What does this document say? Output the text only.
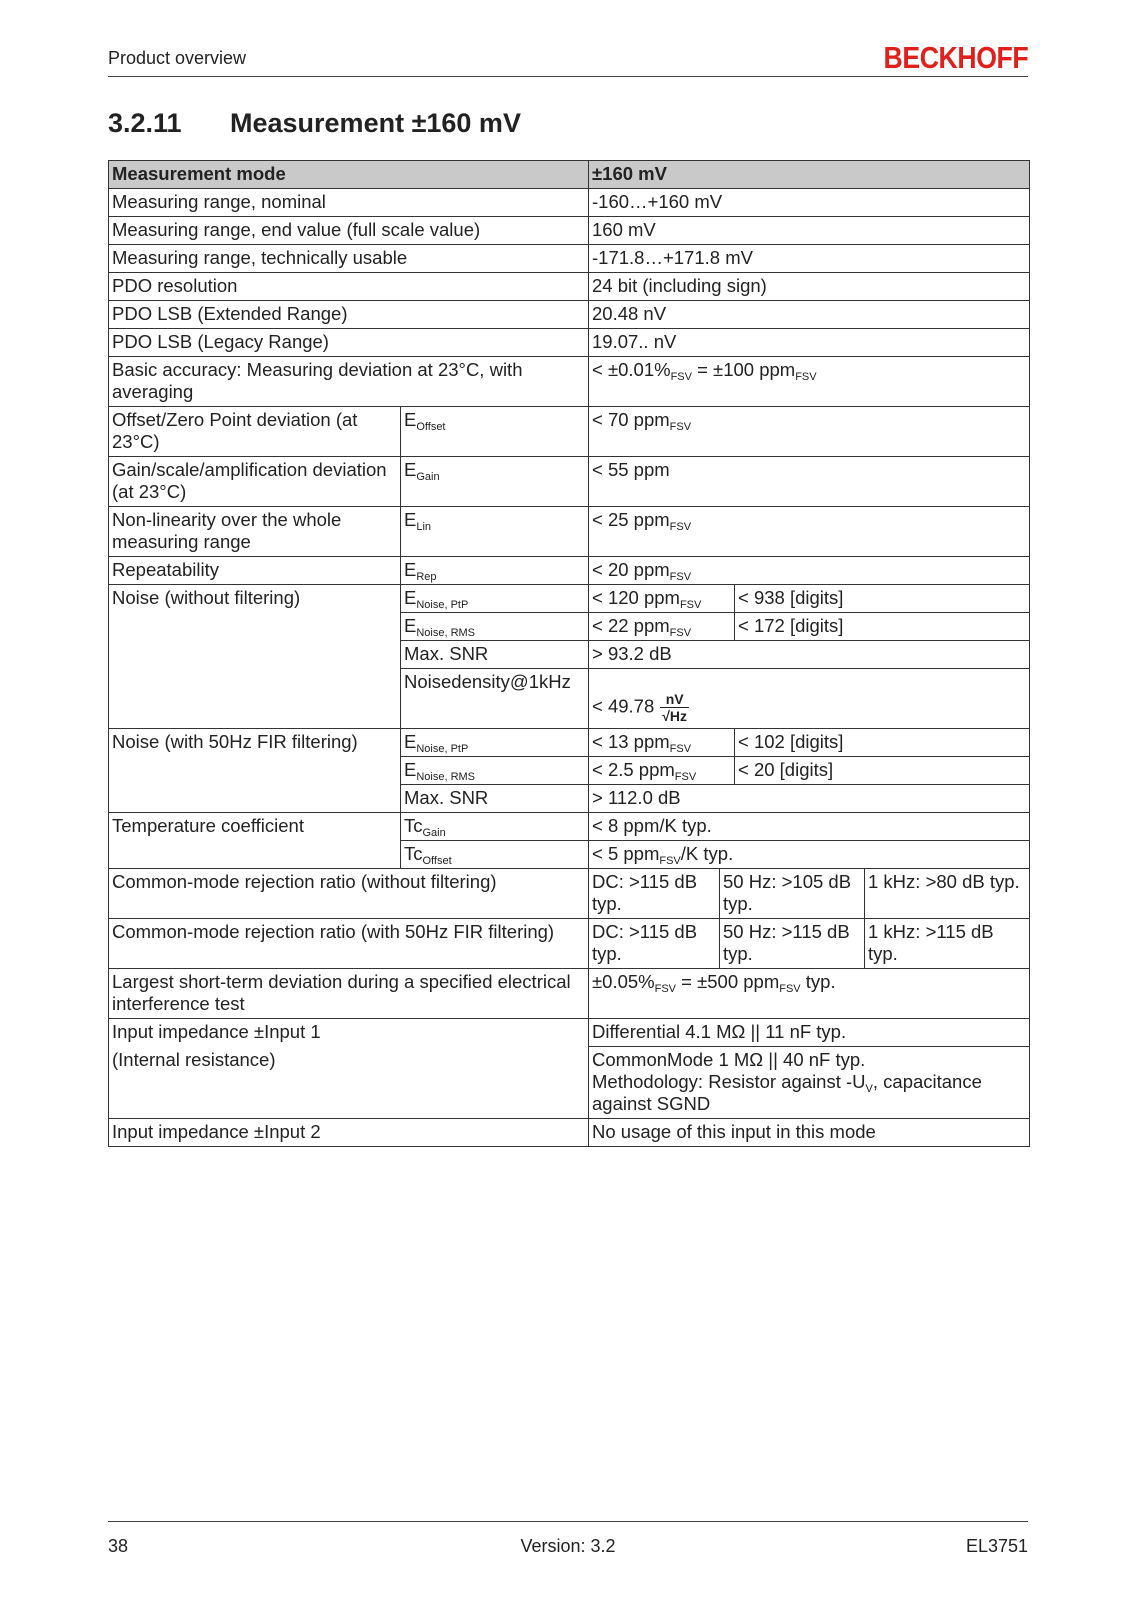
Product overview	BECKHOFF
3.2.11 Measurement ±160 mV
Measurement mode		±160 mV			
Measuring range, nominal		-160…+160 mV			
Measuring range, end value (full scale value)		160 mV			
Measuring range, technically usable		-171.8…+171.8 mV			
PDO resolution		24 bit (including sign)			
PDO LSB (Extended Range)		20.48 nV			
PDO LSB (Legacy Range)		19.07.. nV			
Basic accuracy: Measuring deviation at 23°C, with averaging		< $\pm 0.01\%_{FSV} = \pm 100$ ppm$_{FSV}$
Offset/Zero Point deviation (at 23°C)	$E_{Offset}$	< 70 ppm$_{FSV}$
Gain/scale/amplification deviation (at 23°C)	$E_{Gain}$	< 55 ppm			
Non-linearity over the whole measuring range	$E_{Lin}$	< 25 ppm$_{FSV}$
Repeatability	$E_{Rep}$	< 20 ppm$_{FSV}$
Noise (without filtering)	$E_{Noise, PtP}$	< 120 ppm$_{FSV}$		< 938 [digits]	
	$E_{Noise, RMS}$	< 22 ppm$_{FSV}$		< 172 [digits]	
	Max. SNR	> 93.2 dB			
	Noisedensity@1kHz	< $49.78 \frac{nV}{√Hz}$

Noise (with 50Hz FIR filtering)	$E_{Noise, PtP}$	< 13 ppm$_{FSV}$		< 102 [digits]	
	$E_{Noise, RMS}$	< 2.5 ppm$_{FSV}$		< 20 [digits]	
	Max. SNR	> 112.0 dB			
Temperature coefficient	$Tc_{Gain}$	< 8 ppm/K typ.			
	$Tc_{Offset}$	< 5 ppm$_{FSV}$/K typ.			
Common-mode rejection ratio (without filtering)		DC: >115 dB typ.	50 Hz: >105 dB typ.		1 kHz: >80 dB typ.
Common-mode rejection ratio (with 50Hz FIR filtering)		DC: >115 dB typ.	50 Hz: >115 dB typ.		1 kHz: >115 dB typ.
Largest short-term deviation during a specified electrical interference test		$\pm 0.05\%_{FSV} = \pm 500$ ppm$_{FSV}$ typ.			
Input impedance ±Input 1		Differential 4.1 MΩ || 11 nF typ.			
(Internal resistance)		CommonMode 1 MΩ || 40 nF typ.
Methodology: Resistor against $-U_V$, capacitance against SGND			
Input impedance ±Input 2		No usage of this input in this mode			
38	Version: 3.2	EL3751
